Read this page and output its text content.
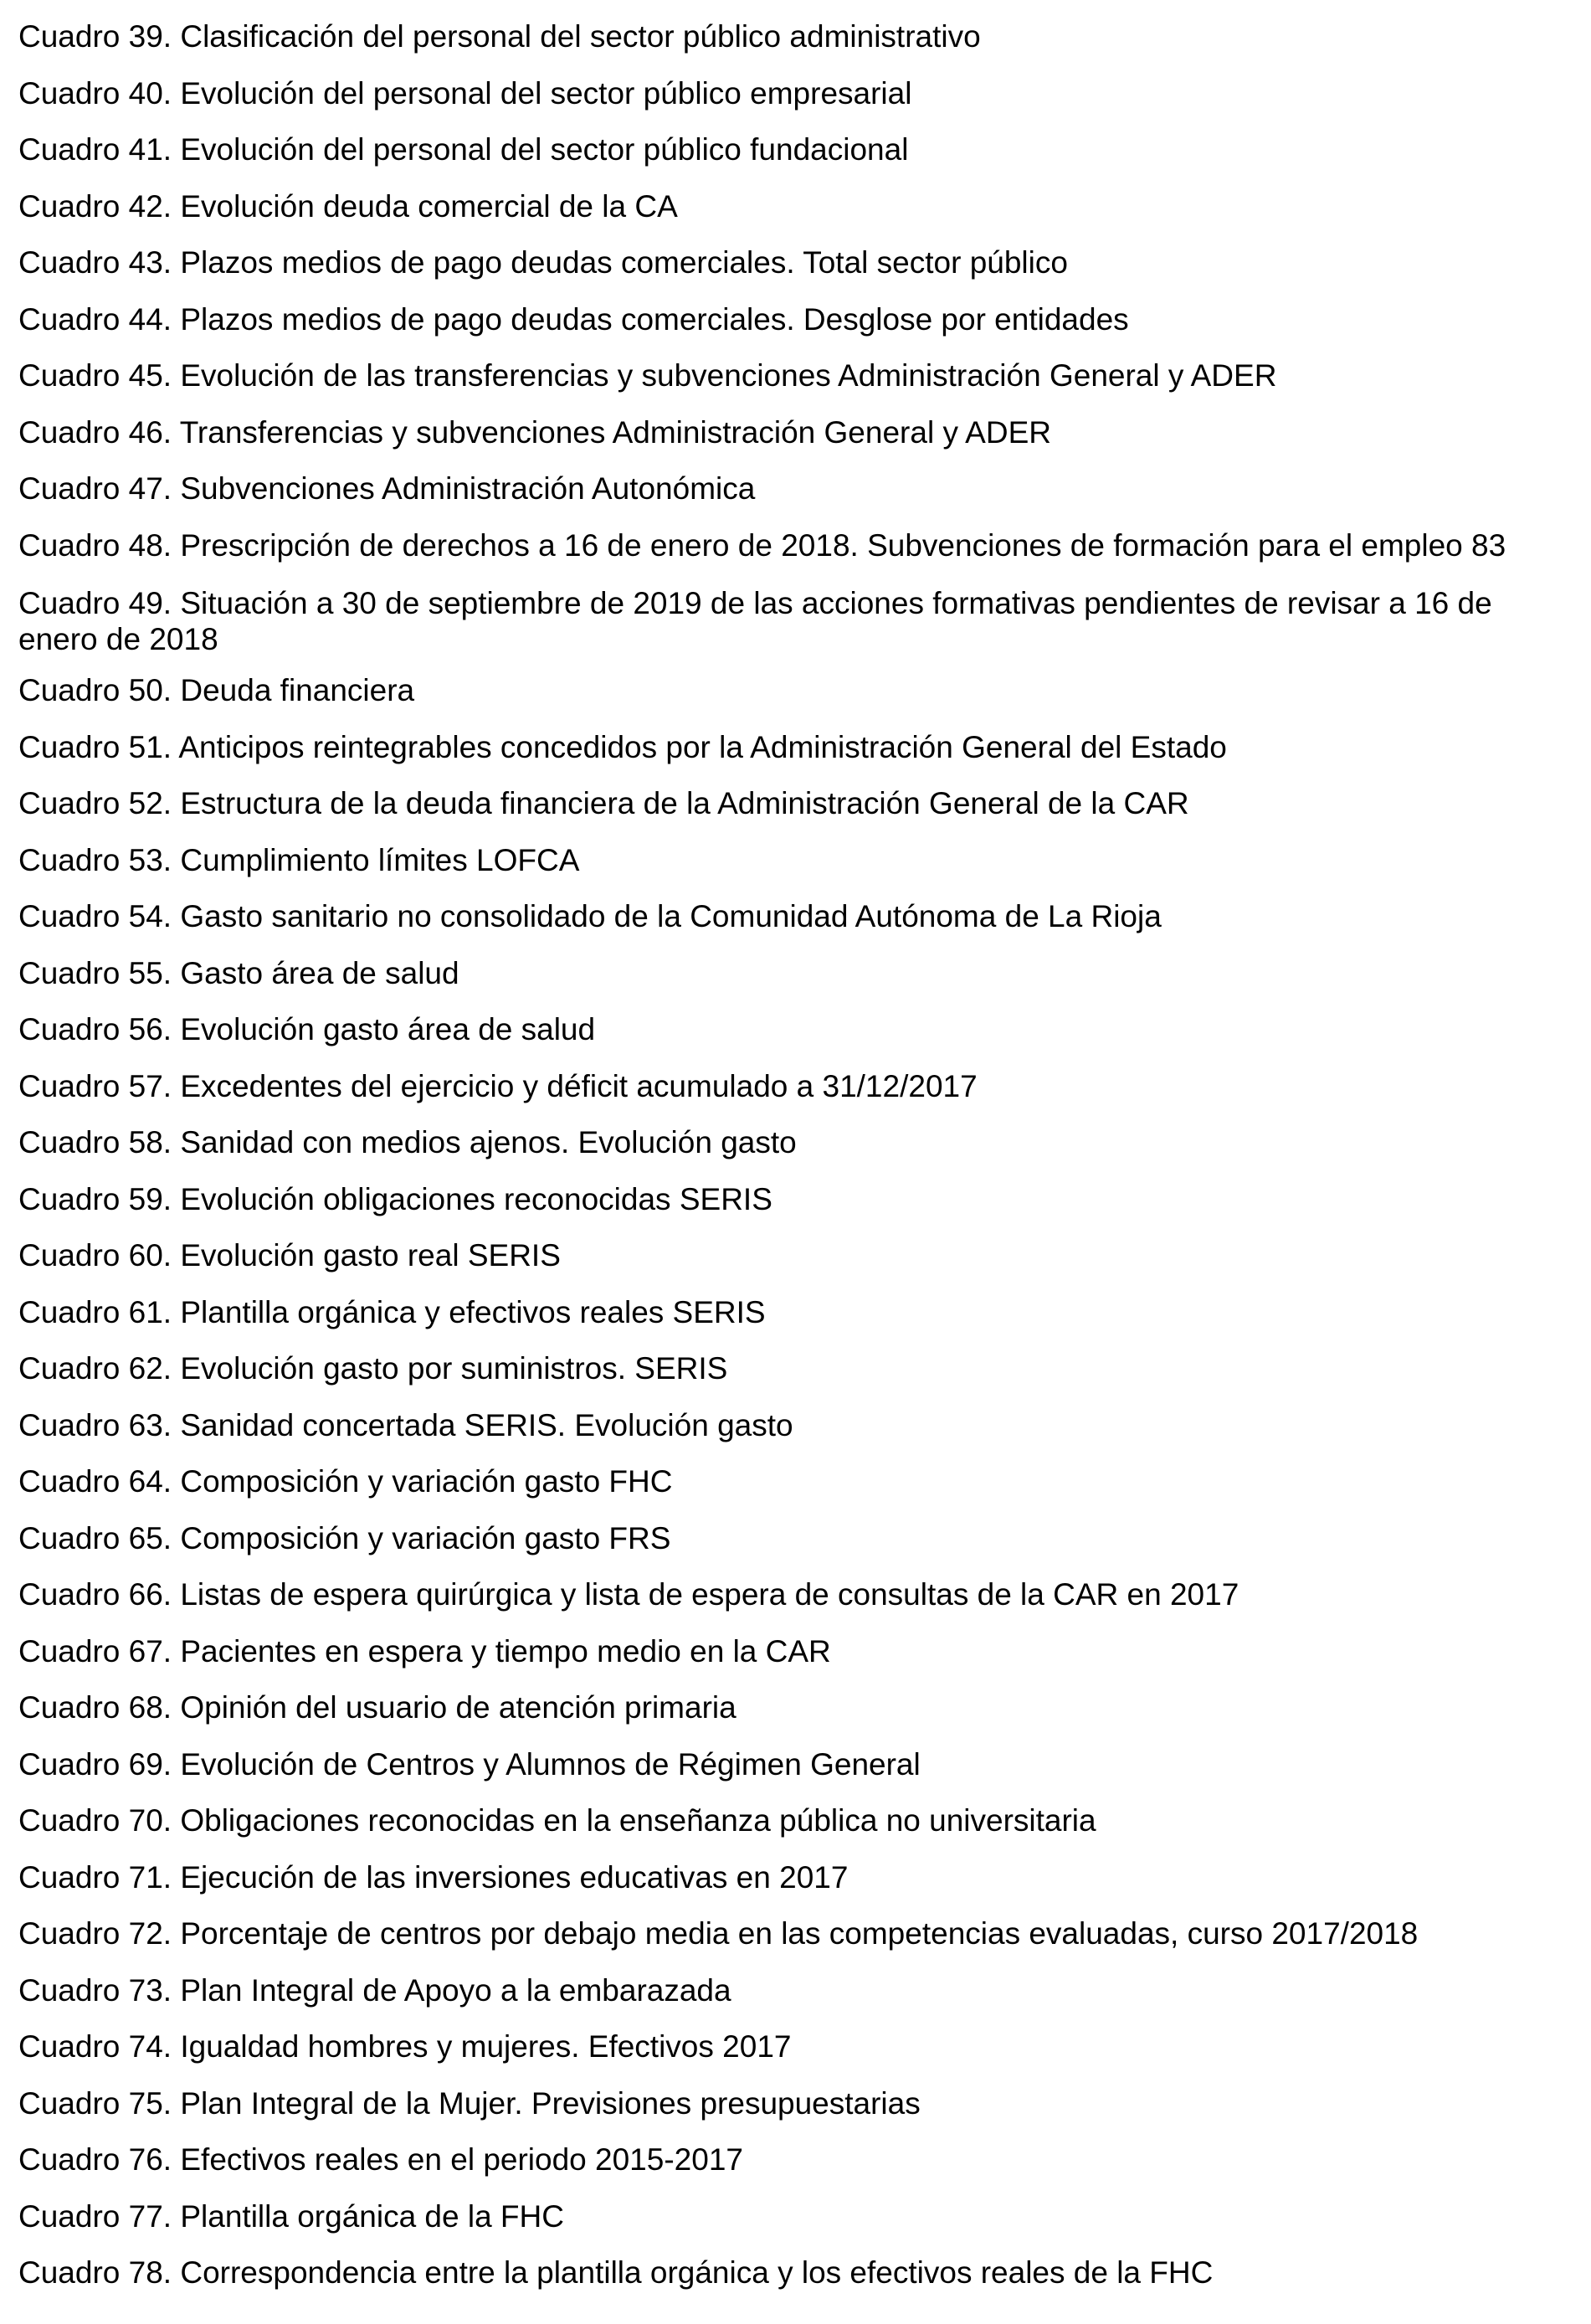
Cuadro 39. Clasificación del personal del sector público administrativo
Cuadro 40. Evolución del personal del sector público empresarial
Cuadro 41. Evolución del personal del sector público fundacional
Cuadro 42. Evolución deuda comercial de la CA
Cuadro 43. Plazos medios de pago deudas comerciales. Total sector público
Cuadro 44. Plazos medios de pago deudas comerciales. Desglose por entidades
Cuadro 45. Evolución de las transferencias y subvenciones Administración General y ADER
Cuadro 46. Transferencias y subvenciones Administración General y ADER
Cuadro 47. Subvenciones Administración Autonómica
Cuadro 48. Prescripción de derechos a 16 de enero de 2018. Subvenciones de formación para el empleo 83
Cuadro 49. Situación a 30 de septiembre de 2019 de las acciones formativas pendientes de revisar a 16 de enero de 2018
Cuadro 50. Deuda financiera
Cuadro 51. Anticipos reintegrables concedidos por la Administración General del Estado
Cuadro 52. Estructura de la deuda financiera de la Administración General de la CAR
Cuadro 53. Cumplimiento límites LOFCA
Cuadro 54. Gasto sanitario no consolidado de la Comunidad Autónoma de La Rioja
Cuadro 55. Gasto área de salud
Cuadro 56. Evolución gasto área de salud
Cuadro 57. Excedentes del ejercicio y déficit acumulado a 31/12/2017
Cuadro 58. Sanidad con medios ajenos. Evolución gasto
Cuadro 59. Evolución obligaciones reconocidas SERIS
Cuadro 60. Evolución gasto real SERIS
Cuadro 61. Plantilla orgánica y efectivos reales SERIS
Cuadro 62. Evolución gasto por suministros. SERIS
Cuadro 63. Sanidad concertada SERIS. Evolución gasto
Cuadro 64. Composición y variación gasto FHC
Cuadro 65. Composición y variación gasto FRS
Cuadro 66. Listas de espera quirúrgica y lista de espera de consultas de la CAR en 2017
Cuadro 67. Pacientes en espera y tiempo medio en la CAR
Cuadro 68. Opinión del usuario de atención primaria
Cuadro 69. Evolución de Centros y Alumnos de Régimen General
Cuadro 70. Obligaciones reconocidas en la enseñanza pública no universitaria
Cuadro 71. Ejecución de las inversiones educativas en 2017
Cuadro 72. Porcentaje de centros por debajo media en las competencias evaluadas, curso 2017/2018
Cuadro 73. Plan Integral de Apoyo a la embarazada
Cuadro 74. Igualdad hombres y mujeres. Efectivos 2017
Cuadro 75. Plan Integral de la Mujer. Previsiones presupuestarias
Cuadro 76. Efectivos reales en el periodo 2015-2017
Cuadro 77. Plantilla orgánica de la FHC
Cuadro 78. Correspondencia entre la plantilla orgánica y los efectivos reales de la FHC
